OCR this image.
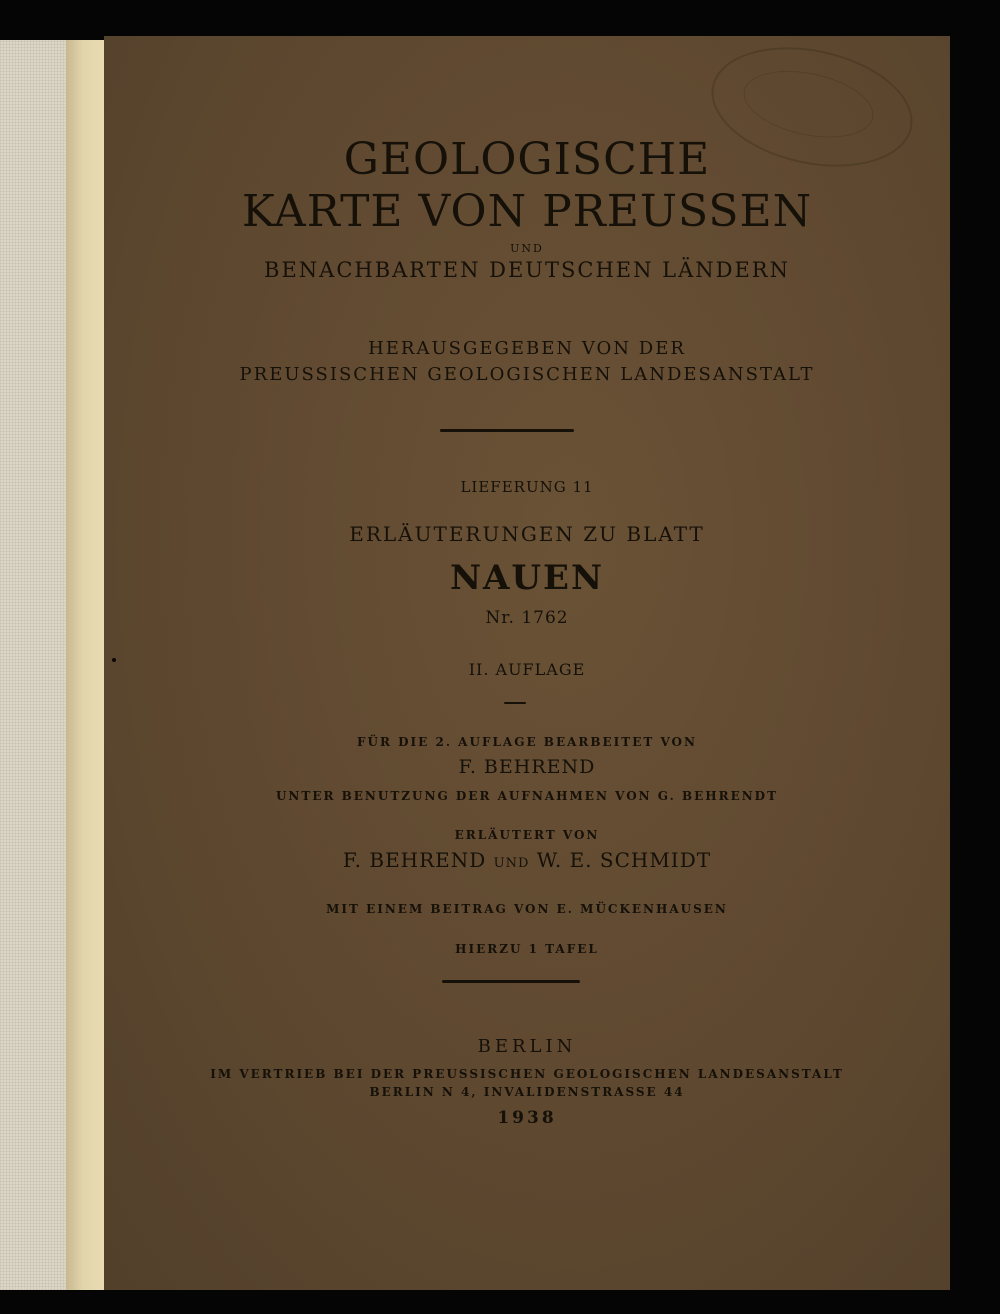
GEOLOGISCHE

KARTE VON PREUSSEN

UND

BENACHBARTEN DEUTSCHEN LÄNDERN

HERAUSGEGEBEN VON DER

PREUSSISCHEN GEOLOGISCHEN LANDESANSTALT

LIEFERUNG 11

ERLÄUTERUNGEN ZU BLATT

NAUEN

Nr. 1762

II. AUFLAGE

FÜR DIE 2. AUFLAGE BEARBEITET VON

F. BEHREND

UNTER BENUTZUNG DER AUFNAHMEN VON G. BEHRENDT

ERLÄUTERT VON

F. BEHREND UND W. E. SCHMIDT

MIT EINEM BEITRAG VON E. MÜCKENHAUSEN

HIERZU 1 TAFEL

BERLIN

IM VERTRIEB BEI DER PREUSSISCHEN GEOLOGISCHEN LANDESANSTALT

BERLIN N 4, INVALIDENSTRASSE 44

1938
